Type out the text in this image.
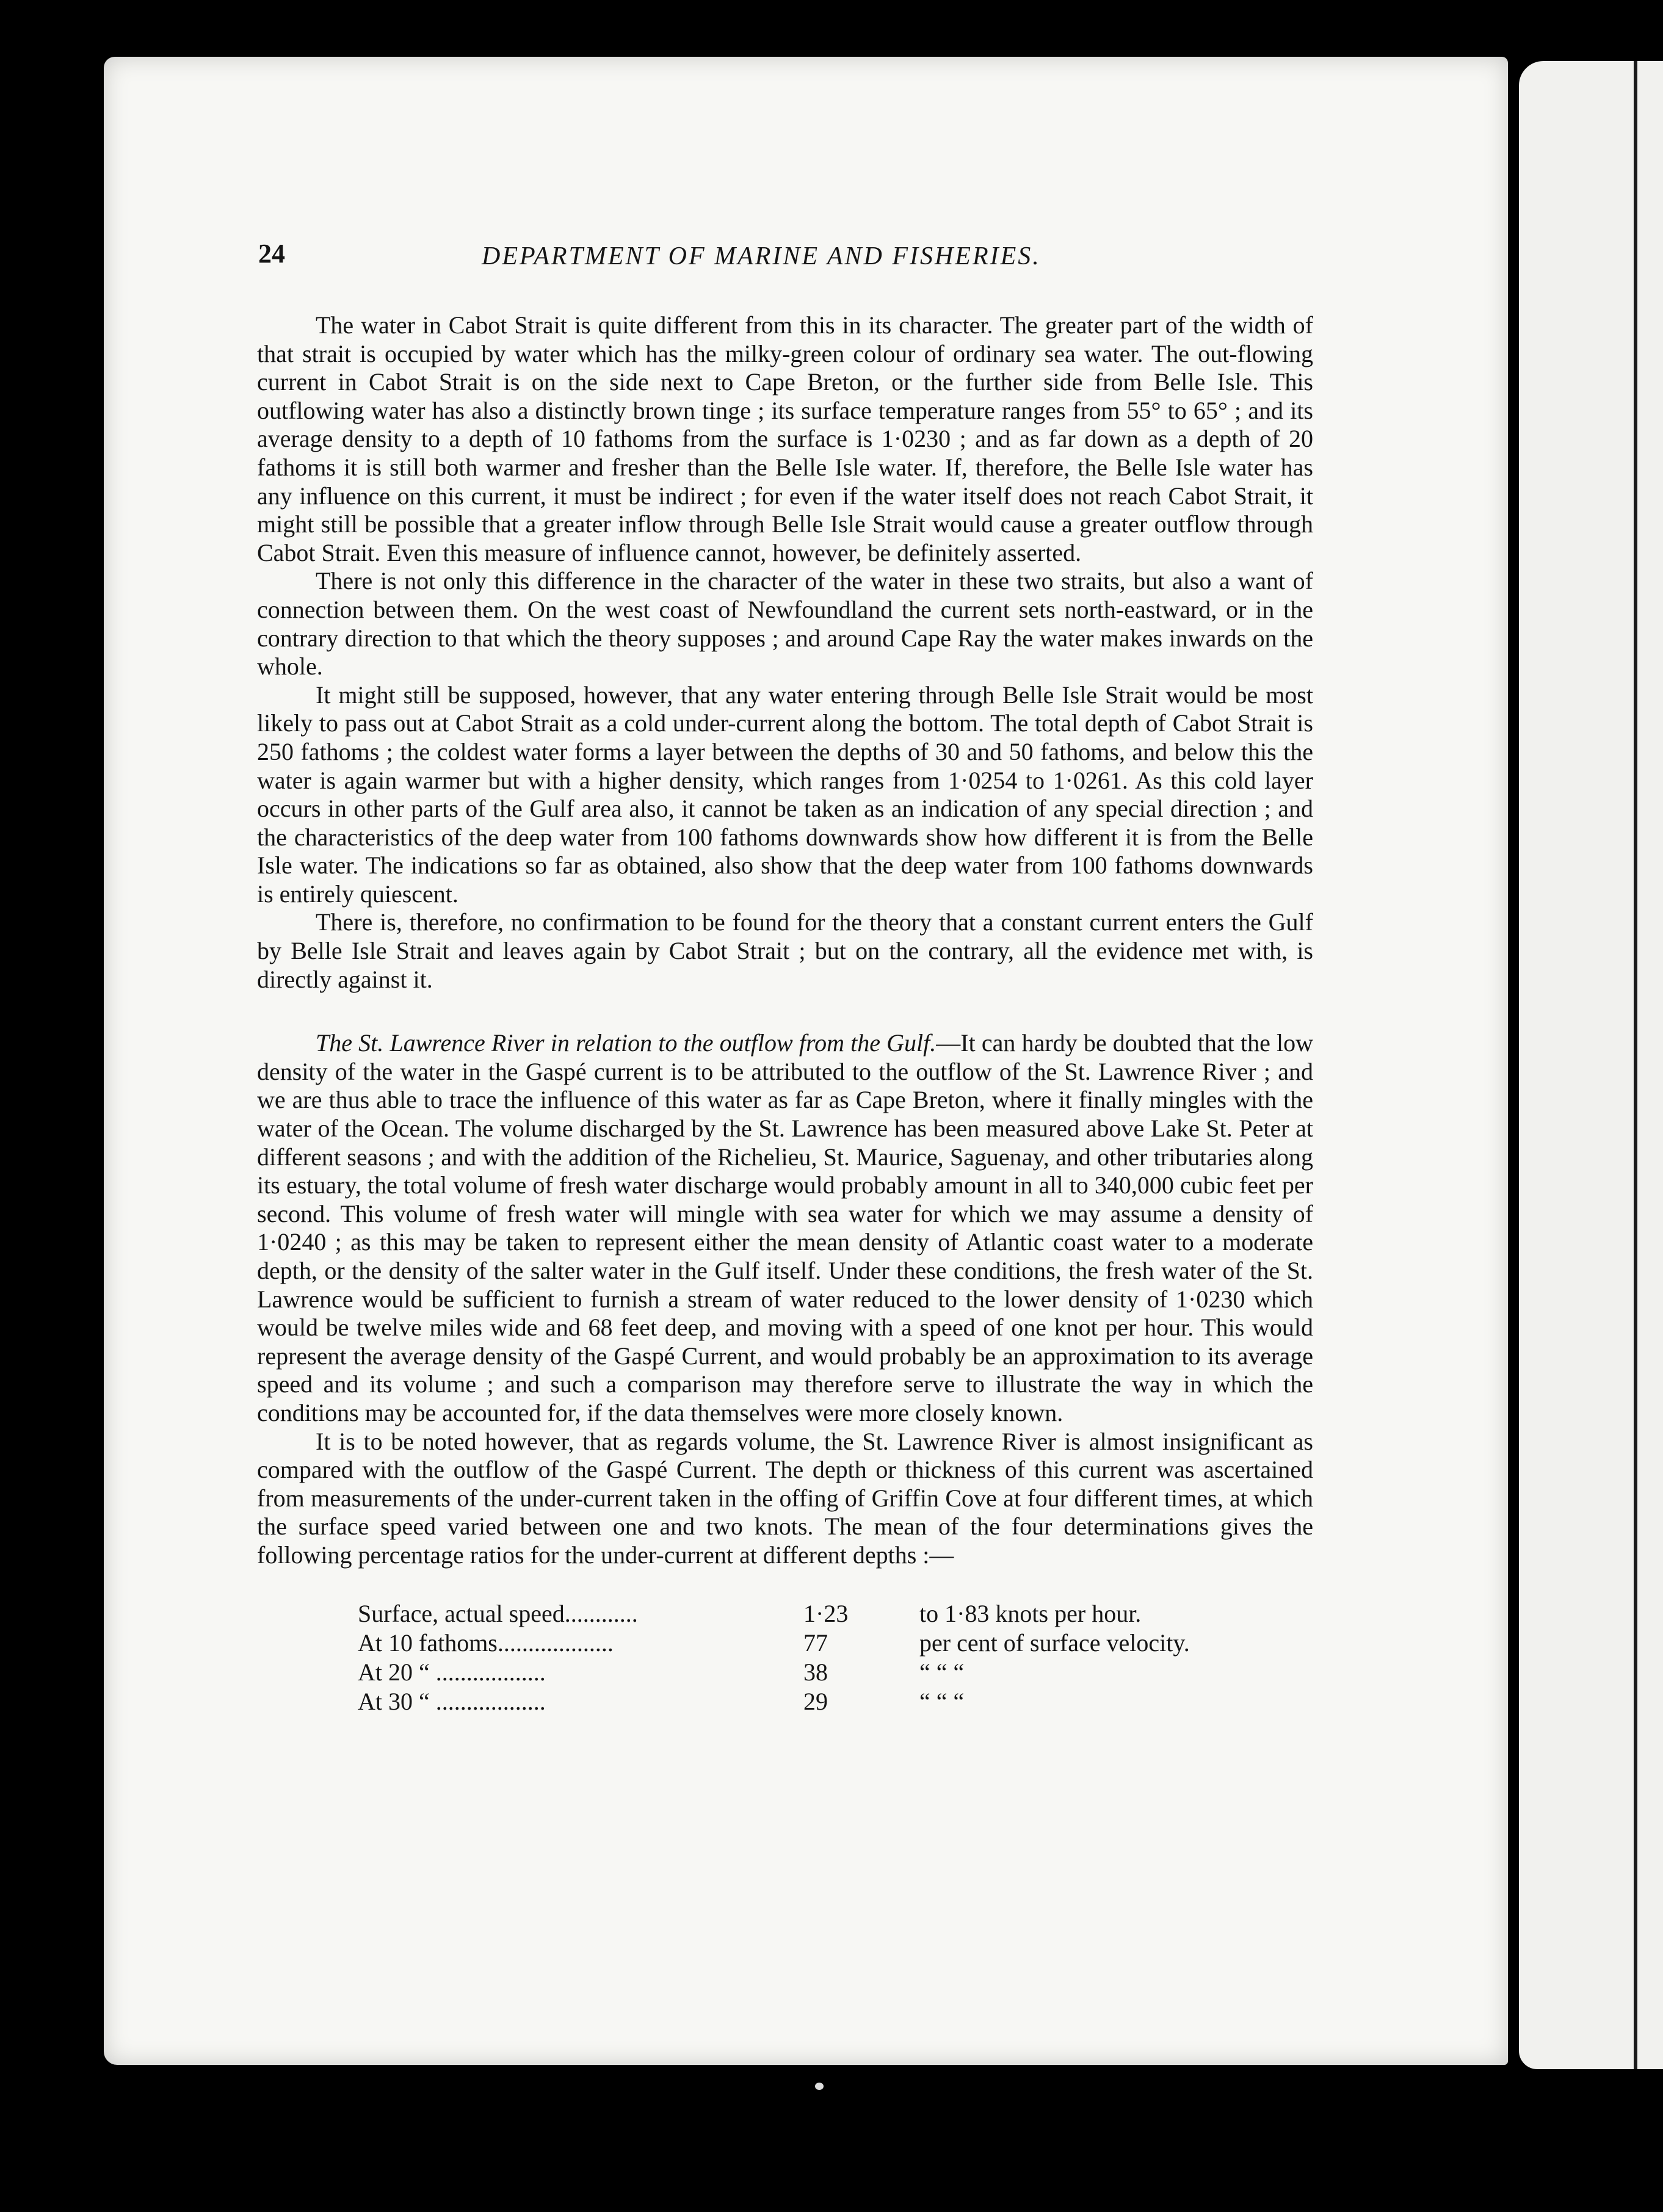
24	DEPARTMENT OF MARINE AND FISHERIES.

The water in Cabot Strait is quite different from this in its character. The greater part of the width of that strait is occupied by water which has the milky-green colour of ordinary sea water. The out-flowing current in Cabot Strait is on the side next to Cape Breton, or the further side from Belle Isle. This outflowing water has also a distinctly brown tinge ; its surface temperature ranges from 55° to 65° ; and its average density to a depth of 10 fathoms from the surface is 1·0230 ; and as far down as a depth of 20 fathoms it is still both warmer and fresher than the Belle Isle water. If, therefore, the Belle Isle water has any influence on this current, it must be indirect ; for even if the water itself does not reach Cabot Strait, it might still be possible that a greater inflow through Belle Isle Strait would cause a greater outflow through Cabot Strait. Even this measure of influence cannot, however, be definitely asserted.

There is not only this difference in the character of the water in these two straits, but also a want of connection between them. On the west coast of Newfoundland the current sets north-eastward, or in the contrary direction to that which the theory supposes ; and around Cape Ray the water makes inwards on the whole.

It might still be supposed, however, that any water entering through Belle Isle Strait would be most likely to pass out at Cabot Strait as a cold under-current along the bottom. The total depth of Cabot Strait is 250 fathoms ; the coldest water forms a layer between the depths of 30 and 50 fathoms, and below this the water is again warmer but with a higher density, which ranges from 1·0254 to 1·0261. As this cold layer occurs in other parts of the Gulf area also, it cannot be taken as an indication of any special direction ; and the characteristics of the deep water from 100 fathoms downwards show how different it is from the Belle Isle water. The indications so far as obtained, also show that the deep water from 100 fathoms downwards is entirely quiescent.

There is, therefore, no confirmation to be found for the theory that a constant current enters the Gulf by Belle Isle Strait and leaves again by Cabot Strait ; but on the contrary, all the evidence met with, is directly against it.

The St. Lawrence River in relation to the outflow from the Gulf.—It can hardy be doubted that the low density of the water in the Gaspé current is to be attributed to the outflow of the St. Lawrence River ; and we are thus able to trace the influence of this water as far as Cape Breton, where it finally mingles with the water of the Ocean. The volume discharged by the St. Lawrence has been measured above Lake St. Peter at different seasons ; and with the addition of the Richelieu, St. Maurice, Saguenay, and other tributaries along its estuary, the total volume of fresh water discharge would probably amount in all to 340,000 cubic feet per second. This volume of fresh water will mingle with sea water for which we may assume a density of 1·0240 ; as this may be taken to represent either the mean density of Atlantic coast water to a moderate depth, or the density of the salter water in the Gulf itself. Under these conditions, the fresh water of the St. Lawrence would be sufficient to furnish a stream of water reduced to the lower density of 1·0230 which would be twelve miles wide and 68 feet deep, and moving with a speed of one knot per hour. This would represent the average density of the Gaspé Current, and would probably be an approximation to its average speed and its volume ; and such a comparison may therefore serve to illustrate the way in which the conditions may be accounted for, if the data themselves were more closely known.

It is to be noted however, that as regards volume, the St. Lawrence River is almost insignificant as compared with the outflow of the Gaspé Current. The depth or thickness of this current was ascertained from measurements of the under-current taken in the offing of Griffin Cove at four different times, at which the surface speed varied between one and two knots. The mean of the four determinations gives the following percentage ratios for the under-current at different depths :—

Surface, actual speed............	1·23	to 1·83 knots per hour.
At 10 fathoms...................	77	per cent of surface velocity.
At 20 “ ..................	38	“ “ “
At 30 “ ..................	29	“ “ “
